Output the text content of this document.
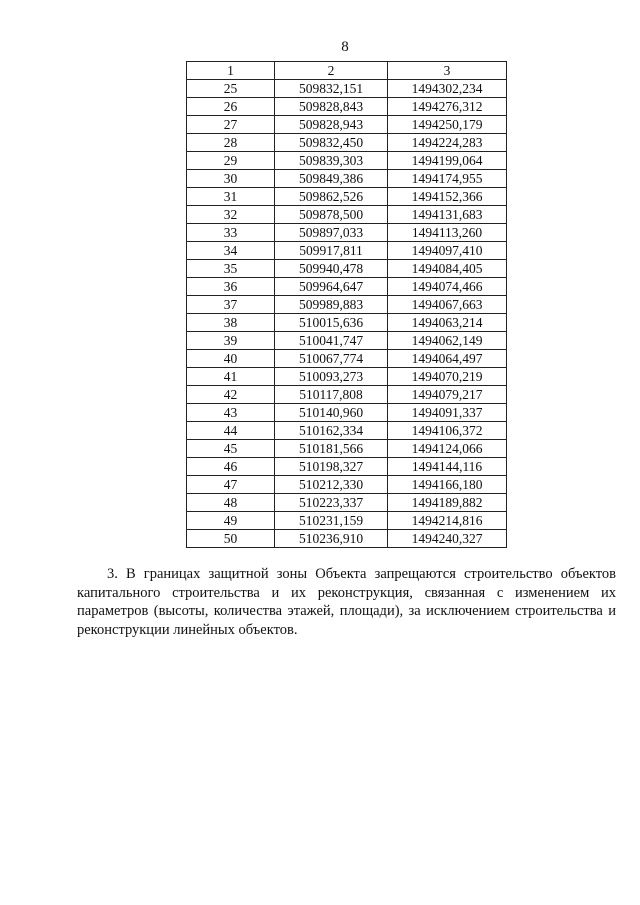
8
1	2	3
25	509832,151	1494302,234
26	509828,843	1494276,312
27	509828,943	1494250,179
28	509832,450	1494224,283
29	509839,303	1494199,064
30	509849,386	1494174,955
31	509862,526	1494152,366
32	509878,500	1494131,683
33	509897,033	1494113,260
34	509917,811	1494097,410
35	509940,478	1494084,405
36	509964,647	1494074,466
37	509989,883	1494067,663
38	510015,636	1494063,214
39	510041,747	1494062,149
40	510067,774	1494064,497
41	510093,273	1494070,219
42	510117,808	1494079,217
43	510140,960	1494091,337
44	510162,334	1494106,372
45	510181,566	1494124,066
46	510198,327	1494144,116
47	510212,330	1494166,180
48	510223,337	1494189,882
49	510231,159	1494214,816
50	510236,910	1494240,327

3. В границах защитной зоны Объекта запрещаются строительство объектов капитального строительства и их реконструкция, связанная с изменением их параметров (высоты, количества этажей, площади), за исключением строительства и реконструкции линейных объектов.
